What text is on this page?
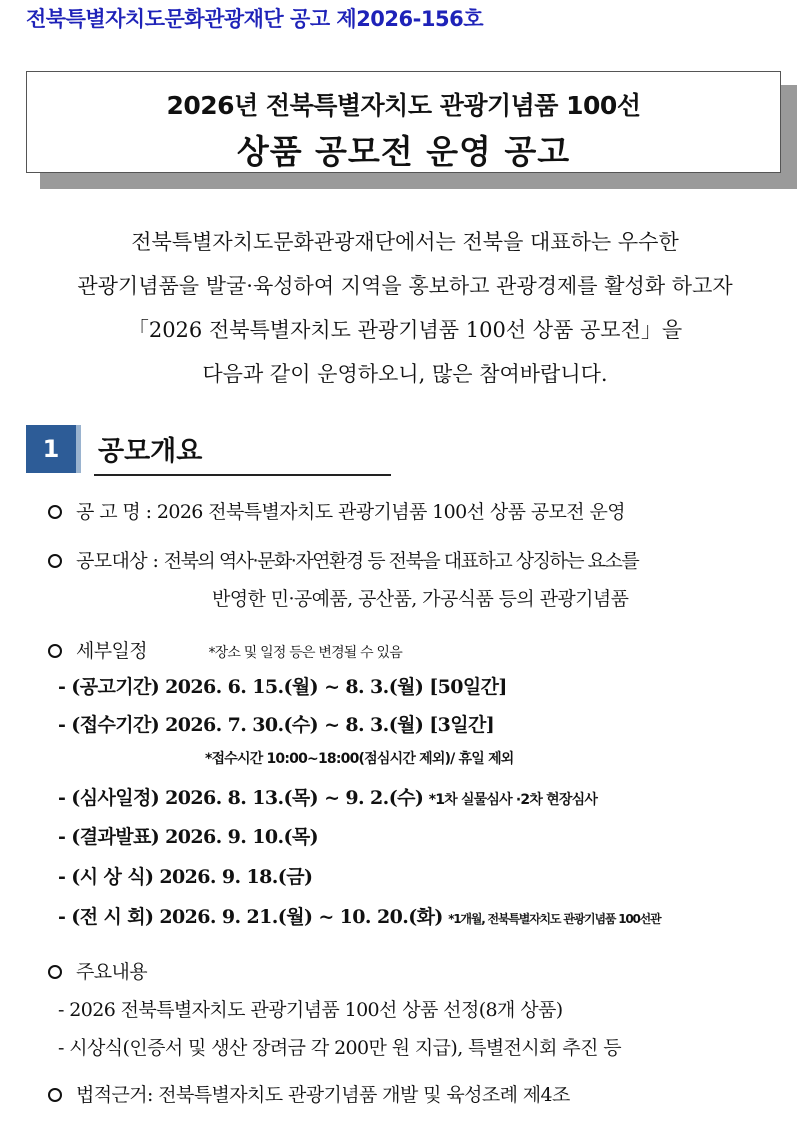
전북특별자치도문화관광재단 공고 제2026-156호
2026년 전북특별자치도 관광기념품 100선
상품 공모전 운영 공고
전북특별자치도문화관광재단에서는 전북을 대표하는 우수한
관광기념품을 발굴·육성하여 지역을 홍보하고 관광경제를 활성화 하고자
「2026 전북특별자치도 관광기념품 100선 상품 공모전」을
다음과 같이 운영하오니, 많은 참여바랍니다.
1	공모개요
공 고 명 : 2026 전북특별자치도 관광기념품 100선 상품 공모전 운영
공모대상 : 전북의 역사·문화·자연환경 등 전북을 대표하고 상징하는 요소를
반영한 민·공예품, 공산품, 가공식품 등의 관광기념품
세부일정	*장소 및 일정 등은 변경될 수 있음
- (공고기간) 2026. 6. 15.(월) ~ 8. 3.(월) [50일간]
- (접수기간) 2026. 7. 30.(수) ~ 8. 3.(월) [3일간]
*접수시간 10:00~18:00(점심시간 제외)/ 휴일 제외
- (심사일정) 2026. 8. 13.(목) ~ 9. 2.(수) *1차 실물심사 ·2차 현장심사
- (결과발표) 2026. 9. 10.(목)
- (시 상 식) 2026. 9. 18.(금)
- (전 시 회) 2026. 9. 21.(월) ~ 10. 20.(화) *1개월, 전북특별자치도 관광기념품 100선관
주요내용
- 2026 전북특별자치도 관광기념품 100선 상품 선정(8개 상품)
- 시상식(인증서 및 생산 장려금 각 200만 원 지급), 특별전시회 추진 등
법적근거: 전북특별자치도 관광기념품 개발 및 육성조례 제4조
